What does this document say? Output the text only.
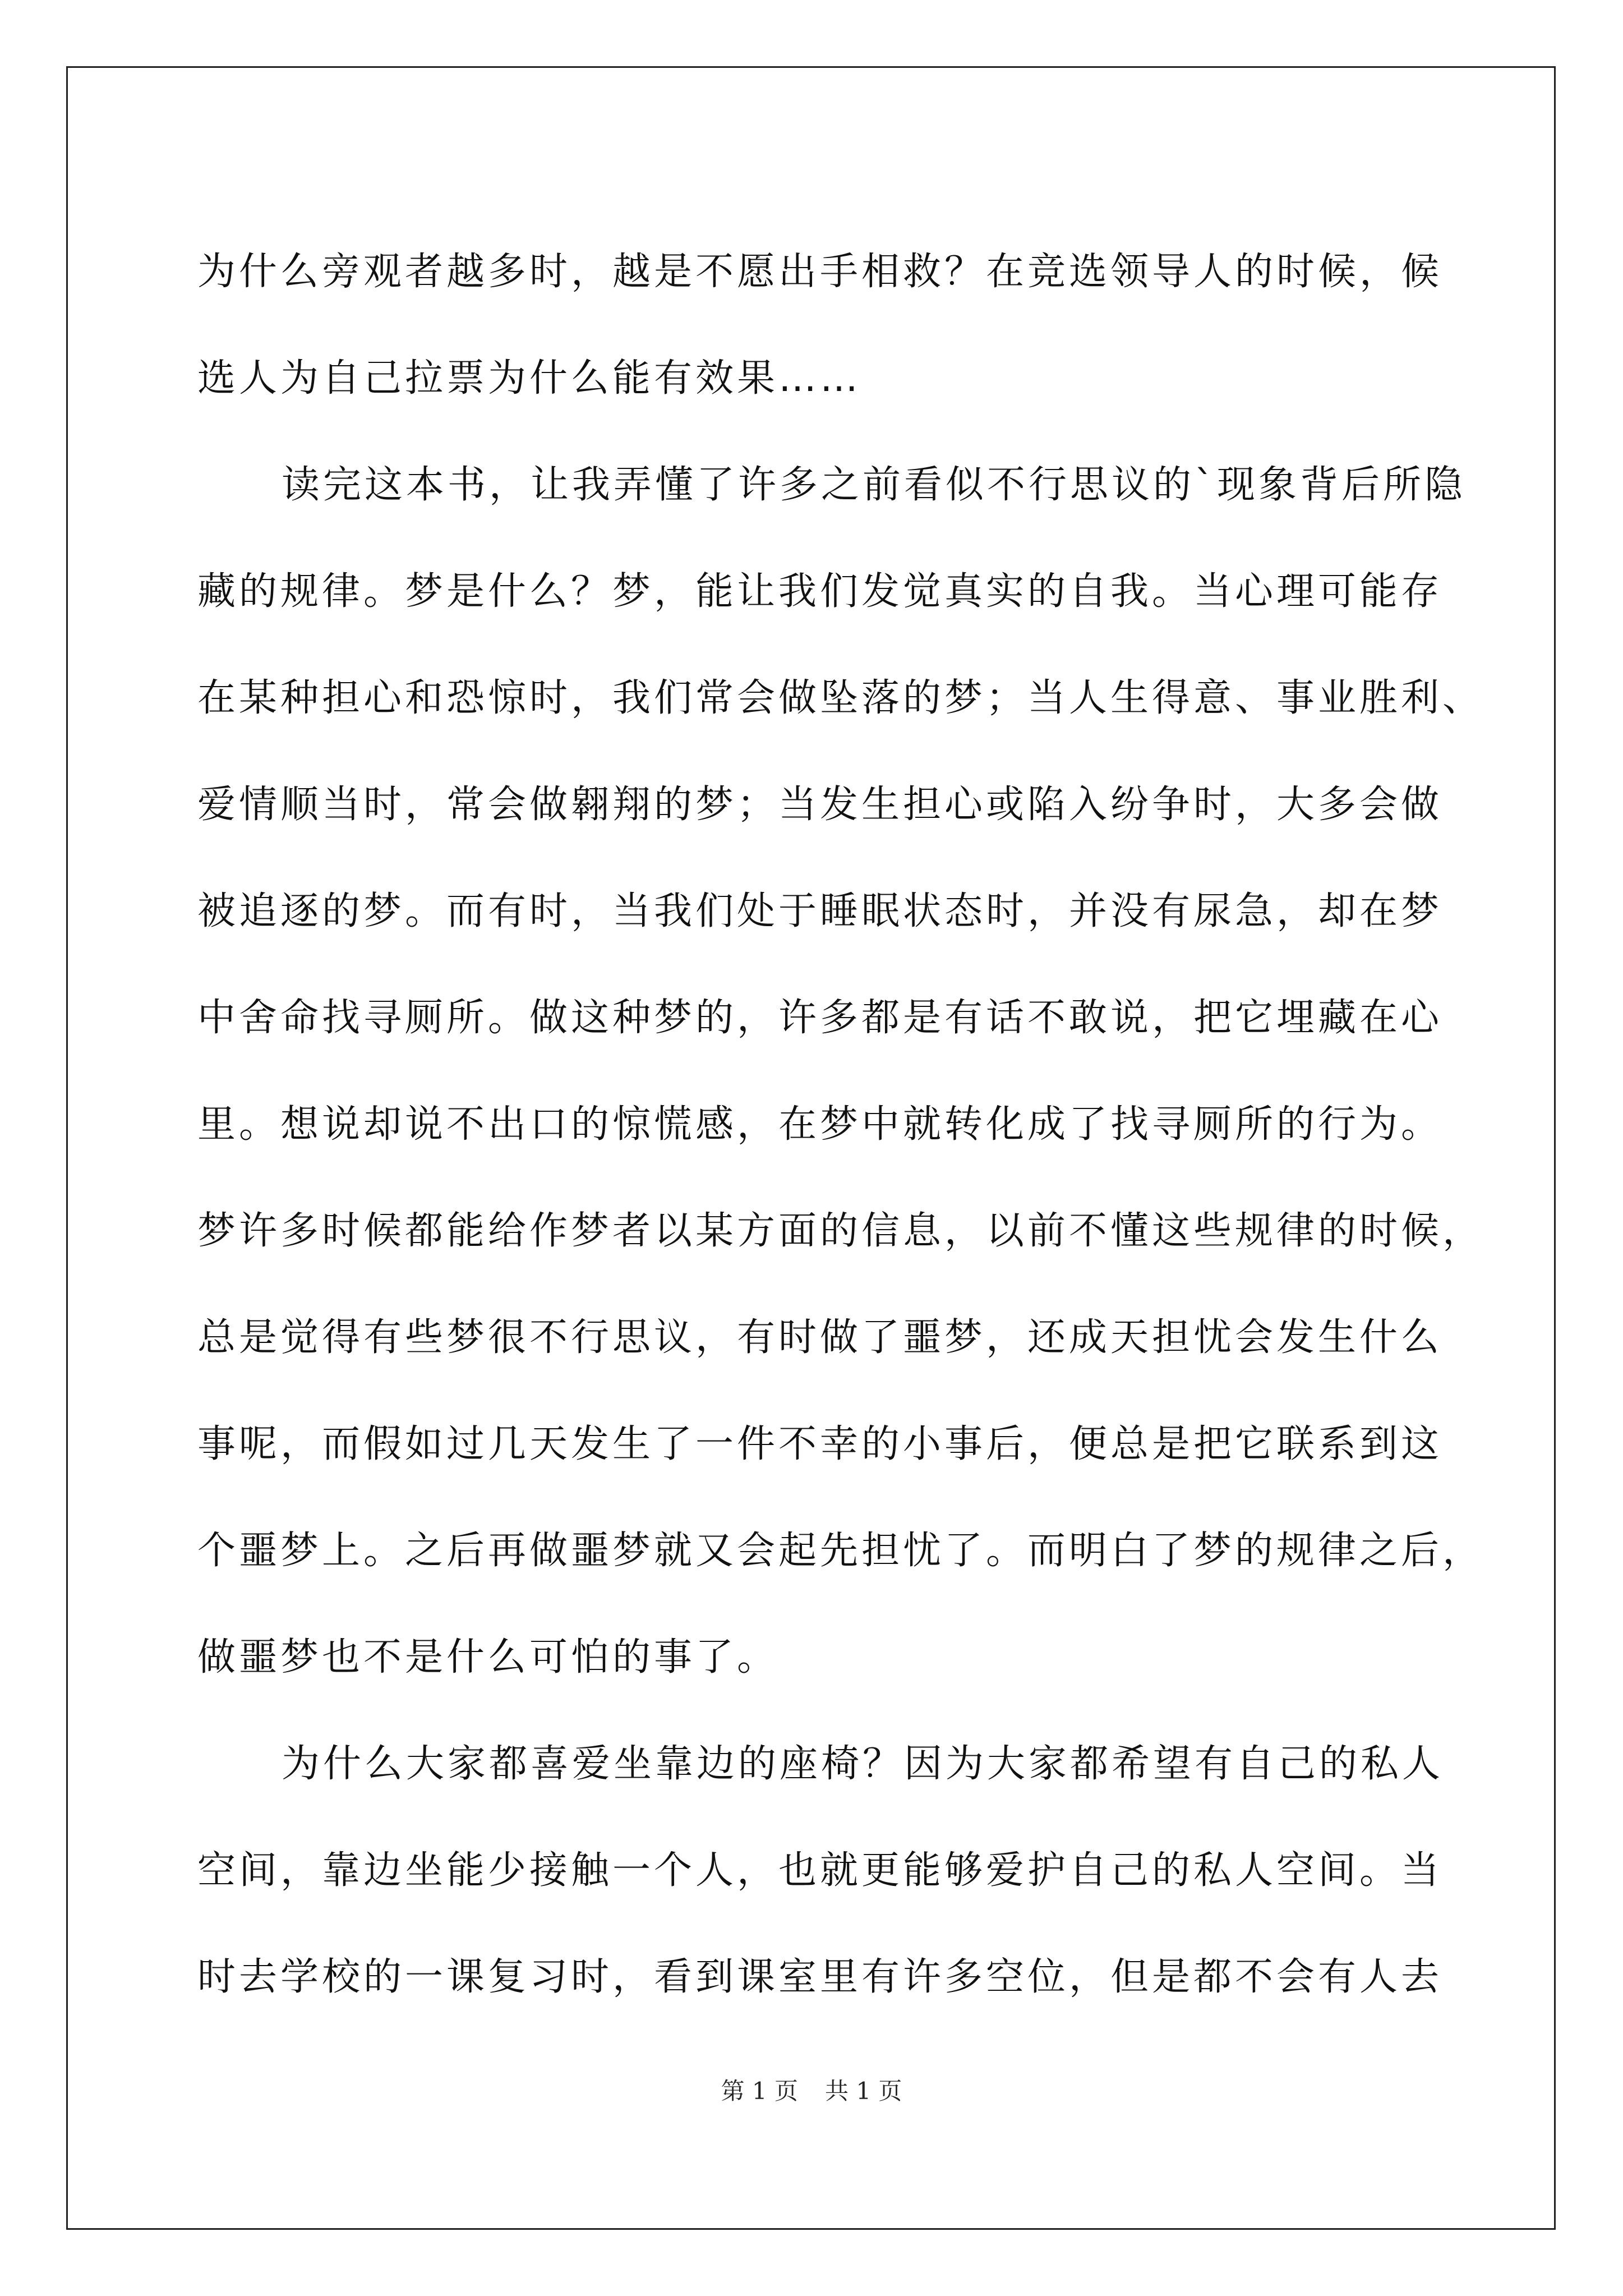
为什么旁观者越多时，越是不愿出手相救？在竞选领导人的时候，候
选人为自己拉票为什么能有效果……
读完这本书，让我弄懂了许多之前看似不行思议的`现象背后所隐
藏的规律。梦是什么？梦，能让我们发觉真实的自我。当心理可能存
在某种担心和恐惊时，我们常会做坠落的梦；当人生得意、事业胜利、
爱情顺当时，常会做翱翔的梦；当发生担心或陷入纷争时，大多会做
被追逐的梦。而有时，当我们处于睡眠状态时，并没有尿急，却在梦
中舍命找寻厕所。做这种梦的，许多都是有话不敢说，把它埋藏在心
里。想说却说不出口的惊慌感，在梦中就转化成了找寻厕所的行为。
梦许多时候都能给作梦者以某方面的信息，以前不懂这些规律的时候，
总是觉得有些梦很不行思议，有时做了噩梦，还成天担忧会发生什么
事呢，而假如过几天发生了一件不幸的小事后，便总是把它联系到这
个噩梦上。之后再做噩梦就又会起先担忧了。而明白了梦的规律之后，
做噩梦也不是什么可怕的事了。
为什么大家都喜爱坐靠边的座椅？因为大家都希望有自己的私人
空间，靠边坐能少接触一个人，也就更能够爱护自己的私人空间。当
时去学校的一课复习时，看到课室里有许多空位，但是都不会有人去
第 1 页 共 1 页
